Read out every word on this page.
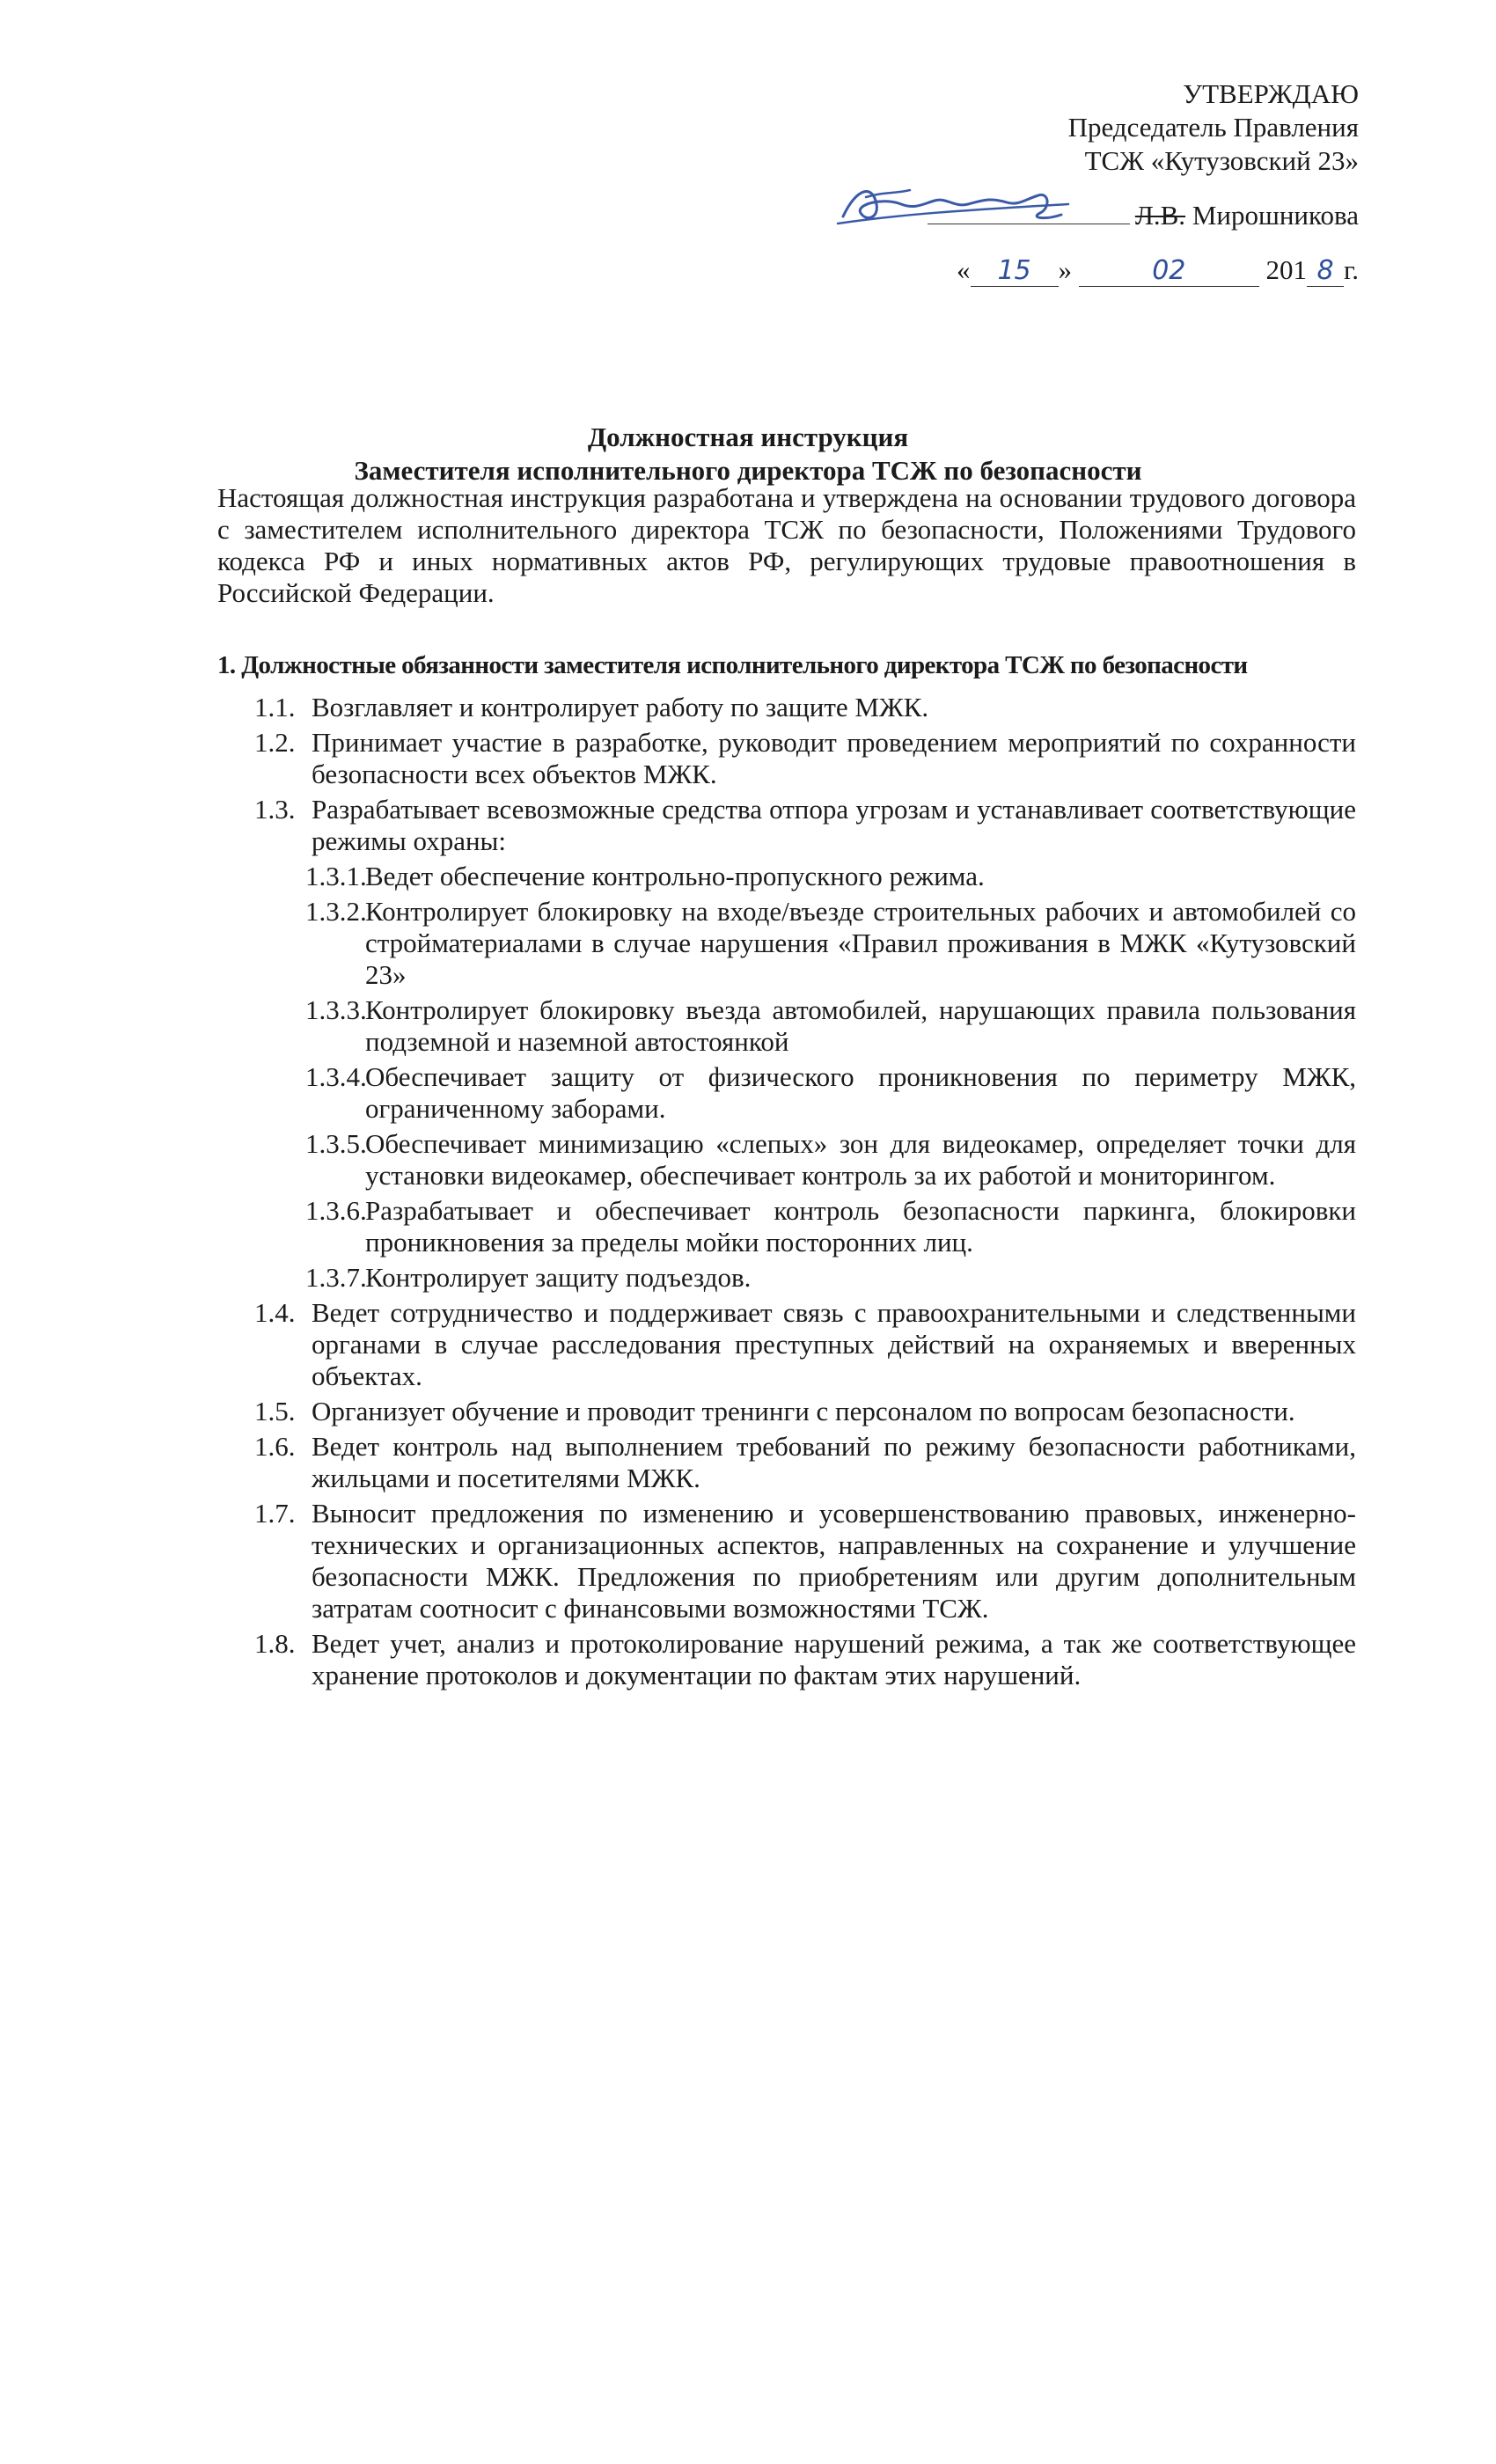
УТВЕРЖДАЮ
Председатель Правления
ТСЖ «Кутузовский 23»
Л.В. Мирошникова
« 15 »	02	201 8 г.
Должностная инструкция
Заместителя исполнительного директора ТСЖ по безопасности

Настоящая должностная инструкция разработана и утверждена на основании трудового договора с заместителем исполнительного директора ТСЖ по безопасности, Положениями Трудового кодекса РФ и иных нормативных актов РФ, регулирующих трудовые правоотношения в Российской Федерации.

1. Должностные обязанности заместителя исполнительного директора ТСЖ по безопасности
1.1. Возглавляет и контролирует работу по защите МЖК.
1.2. Принимает участие в разработке, руководит проведением мероприятий по сохранности безопасности всех объектов МЖК.
1.3. Разрабатывает всевозможные средства отпора угрозам и устанавливает соответствующие режимы охраны:
1.3.1.
Ведет обеспечение контрольно-пропускного режима.
1.3.2.
Контролирует блокировку на входе/въезде строительных рабочих и автомобилей со стройматериалами в случае нарушения «Правил проживания в МЖК «Кутузовский 23»
1.3.3.
Контролирует блокировку въезда автомобилей, нарушающих правила пользования подземной и наземной автостоянкой
1.3.4.
Обеспечивает защиту от физического проникновения по периметру МЖК, ограниченному заборами.
1.3.5.
Обеспечивает минимизацию «слепых» зон для видеокамер, определяет точки для установки видеокамер, обеспечивает контроль за их работой и мониторингом.
1.3.6.
Разрабатывает и обеспечивает контроль безопасности паркинга, блокировки проникновения за пределы мойки посторонних лиц.
1.3.7.
Контролирует защиту подъездов.
1.4. Ведет сотрудничество и поддерживает связь с правоохранительными и следственными органами в случае расследования преступных действий на охраняемых и вверенных объектах.
1.5. Организует обучение и проводит тренинги с персоналом по вопросам безопасности.
1.6. Ведет контроль над выполнением требований по режиму безопасности работниками, жильцами и посетителями МЖК.
1.7. Выносит предложения по изменению и усовершенствованию правовых, инженерно-технических и организационных аспектов, направленных на сохранение и улучшение безопасности МЖК. Предложения по приобретениям или другим дополнительным затратам соотносит с финансовыми возможностями ТСЖ.
1.8. Ведет учет, анализ и протоколирование нарушений режима, а так же соответствующее хранение протоколов и документации по фактам этих нарушений.
